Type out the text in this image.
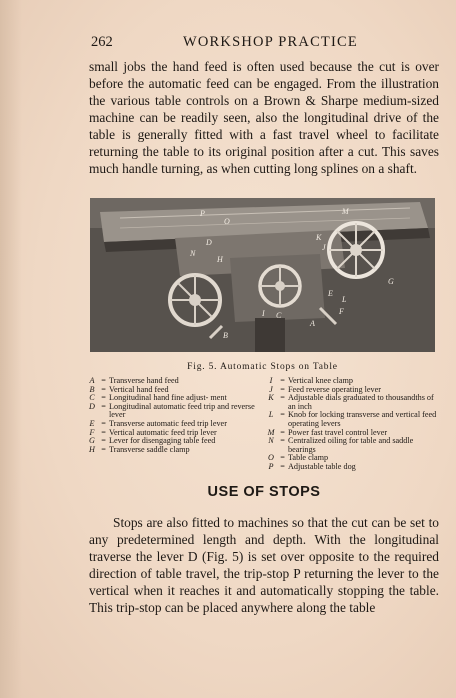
262	WORKSHOP PRACTICE

small jobs the hand feed is often used because the cut is over before the automatic feed can be engaged. From the illustration the various table controls on a Brown & Sharpe medium-sized machine can be readily seen, also the longitudinal drive of the table is generally fitted with a fast travel wheel to facilitate returning the table to its original position after a cut. This saves much handle turning, as when cutting long splines on a shaft.

P
O
M
K
J
D
N
H
G
F
E
L
A
B
I C
Fig. 5. Automatic Stops on Table
A = Transverse hand feed
B = Vertical hand feed
C = Longitudinal hand fine adjust- ment
D = Longitudinal automatic feed trip and reverse lever
E = Transverse automatic feed trip lever
F = Vertical automatic feed trip lever
G = Lever for disengaging table feed
H = Transverse saddle clamp
I = Vertical knee clamp
J = Feed reverse operating lever
K = Adjustable dials graduated to thousandths of an inch
L = Knob for locking transverse and vertical feed operating levers
M = Power fast travel control lever
N = Centralized oiling for table and saddle bearings
O = Table clamp
P = Adjustable table dog
USE OF STOPS

Stops are also fitted to machines so that the cut can be set to any predetermined length and depth. With the longitudinal traverse the lever D (Fig. 5) is set over opposite to the required direction of table travel, the trip-stop P returning the lever to the vertical when it reaches it and automatically stopping the table. This trip-stop can be placed anywhere along the table
